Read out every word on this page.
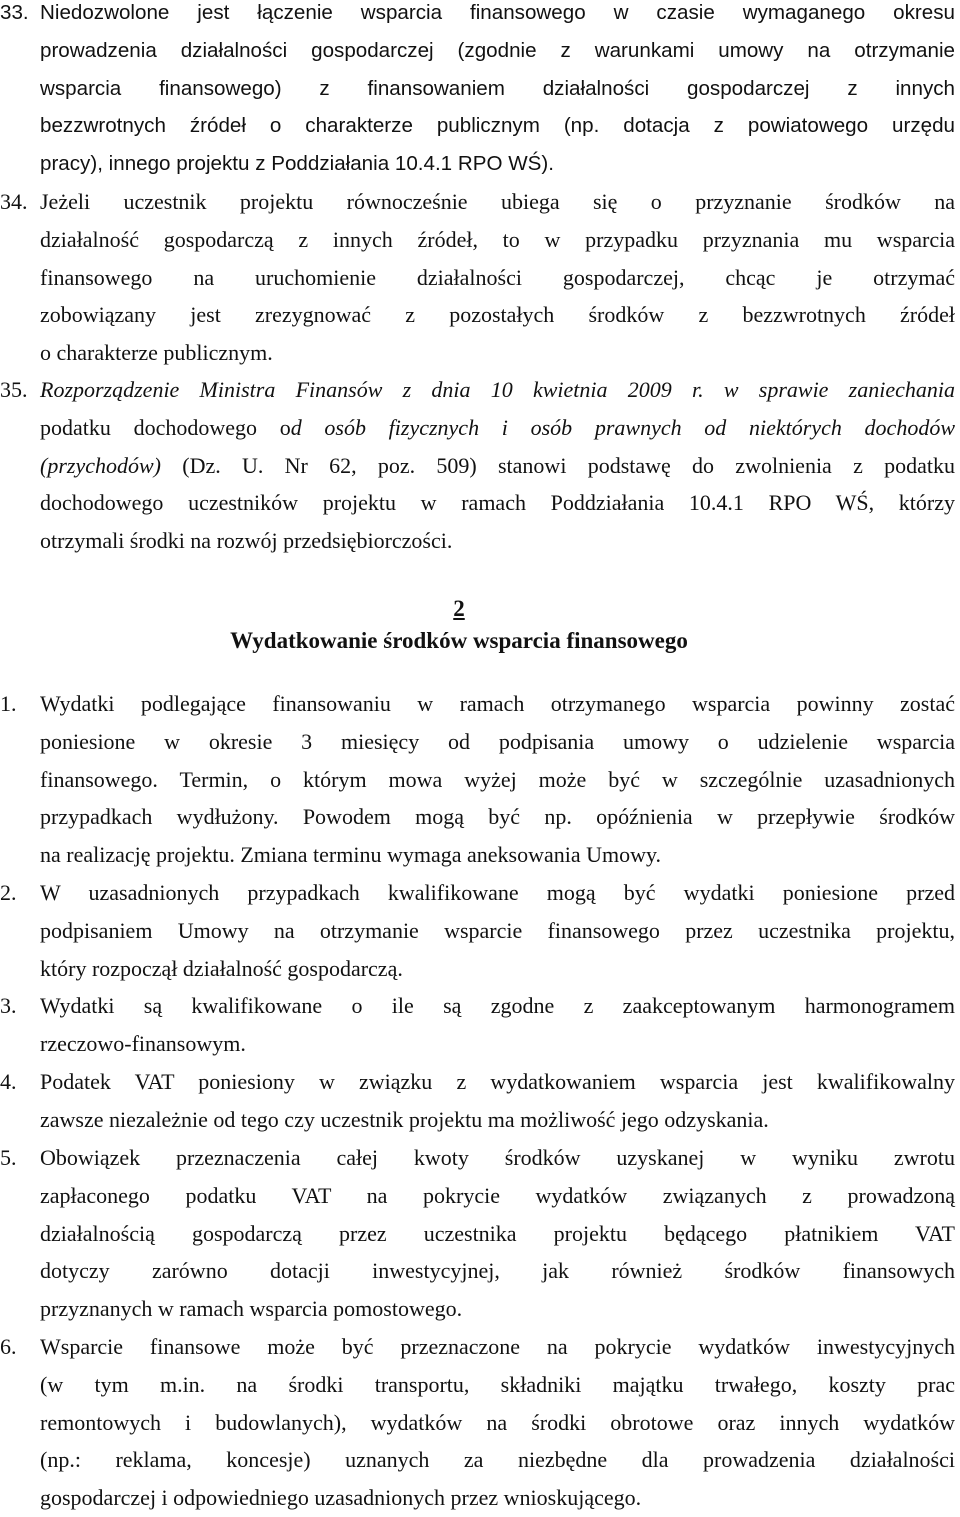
33. Niedozwolone jest łączenie wsparcia finansowego w czasie wymaganego okresu
prowadzenia działalności gospodarczej (zgodnie z warunkami umowy na otrzymanie
wsparcia finansowego) z finansowaniem działalności gospodarczej z innych
bezzwrotnych źródeł o charakterze publicznym (np. dotacja z powiatowego urzędu
pracy), innego projektu z Poddziałania 10.4.1 RPO WŚ).
34. Jeżeli uczestnik projektu równocześnie ubiega się o przyznanie środków na
działalność gospodarczą z innych źródeł, to w przypadku przyznania mu wsparcia
finansowego na uruchomienie działalności gospodarczej, chcąc je otrzymać
zobowiązany jest zrezygnować z pozostałych środków z bezzwrotnych źródeł
o charakterze publicznym.
35. Rozporządzenie Ministra Finansów z dnia 10 kwietnia 2009 r. w sprawie zaniechania
podatku dochodowego od osób fizycznych i osób prawnych od niektórych dochodów
(przychodów) (Dz. U. Nr 62, poz. 509) stanowi podstawę do zwolnienia z podatku
dochodowego uczestników projektu w ramach Poddziałania 10.4.1 RPO WŚ, którzy
otrzymali środki na rozwój przedsiębiorczości.
2
Wydatkowanie środków wsparcia finansowego
1. Wydatki podlegające finansowaniu w ramach otrzymanego wsparcia powinny zostać
poniesione w okresie 3 miesięcy od podpisania umowy o udzielenie wsparcia
finansowego. Termin, o którym mowa wyżej może być w szczególnie uzasadnionych
przypadkach wydłużony. Powodem mogą być np. opóźnienia w przepływie środków
na realizację projektu. Zmiana terminu wymaga aneksowania Umowy.
2. W uzasadnionych przypadkach kwalifikowane mogą być wydatki poniesione przed
podpisaniem Umowy na otrzymanie wsparcie finansowego przez uczestnika projektu,
który rozpoczął działalność gospodarczą.
3. Wydatki są kwalifikowane o ile są zgodne z zaakceptowanym harmonogramem
rzeczowo-finansowym.
4. Podatek VAT poniesiony w związku z wydatkowaniem wsparcia jest kwalifikowalny
zawsze niezależnie od tego czy uczestnik projektu ma możliwość jego odzyskania.
5. Obowiązek przeznaczenia całej kwoty środków uzyskanej w wyniku zwrotu
zapłaconego podatku VAT na pokrycie wydatków związanych z prowadzoną
działalnością gospodarczą przez uczestnika projektu będącego płatnikiem VAT
dotyczy zarówno dotacji inwestycyjnej, jak również środków finansowych
przyznanych w ramach wsparcia pomostowego.
6. Wsparcie finansowe może być przeznaczone na pokrycie wydatków inwestycyjnych
(w tym m.in. na środki transportu, składniki majątku trwałego, koszty prac
remontowych i budowlanych), wydatków na środki obrotowe oraz innych wydatków
(np.: reklama, koncesje) uznanych za niezbędne dla prowadzenia działalności
gospodarczej i odpowiedniego uzasadnionych przez wnioskującego.
